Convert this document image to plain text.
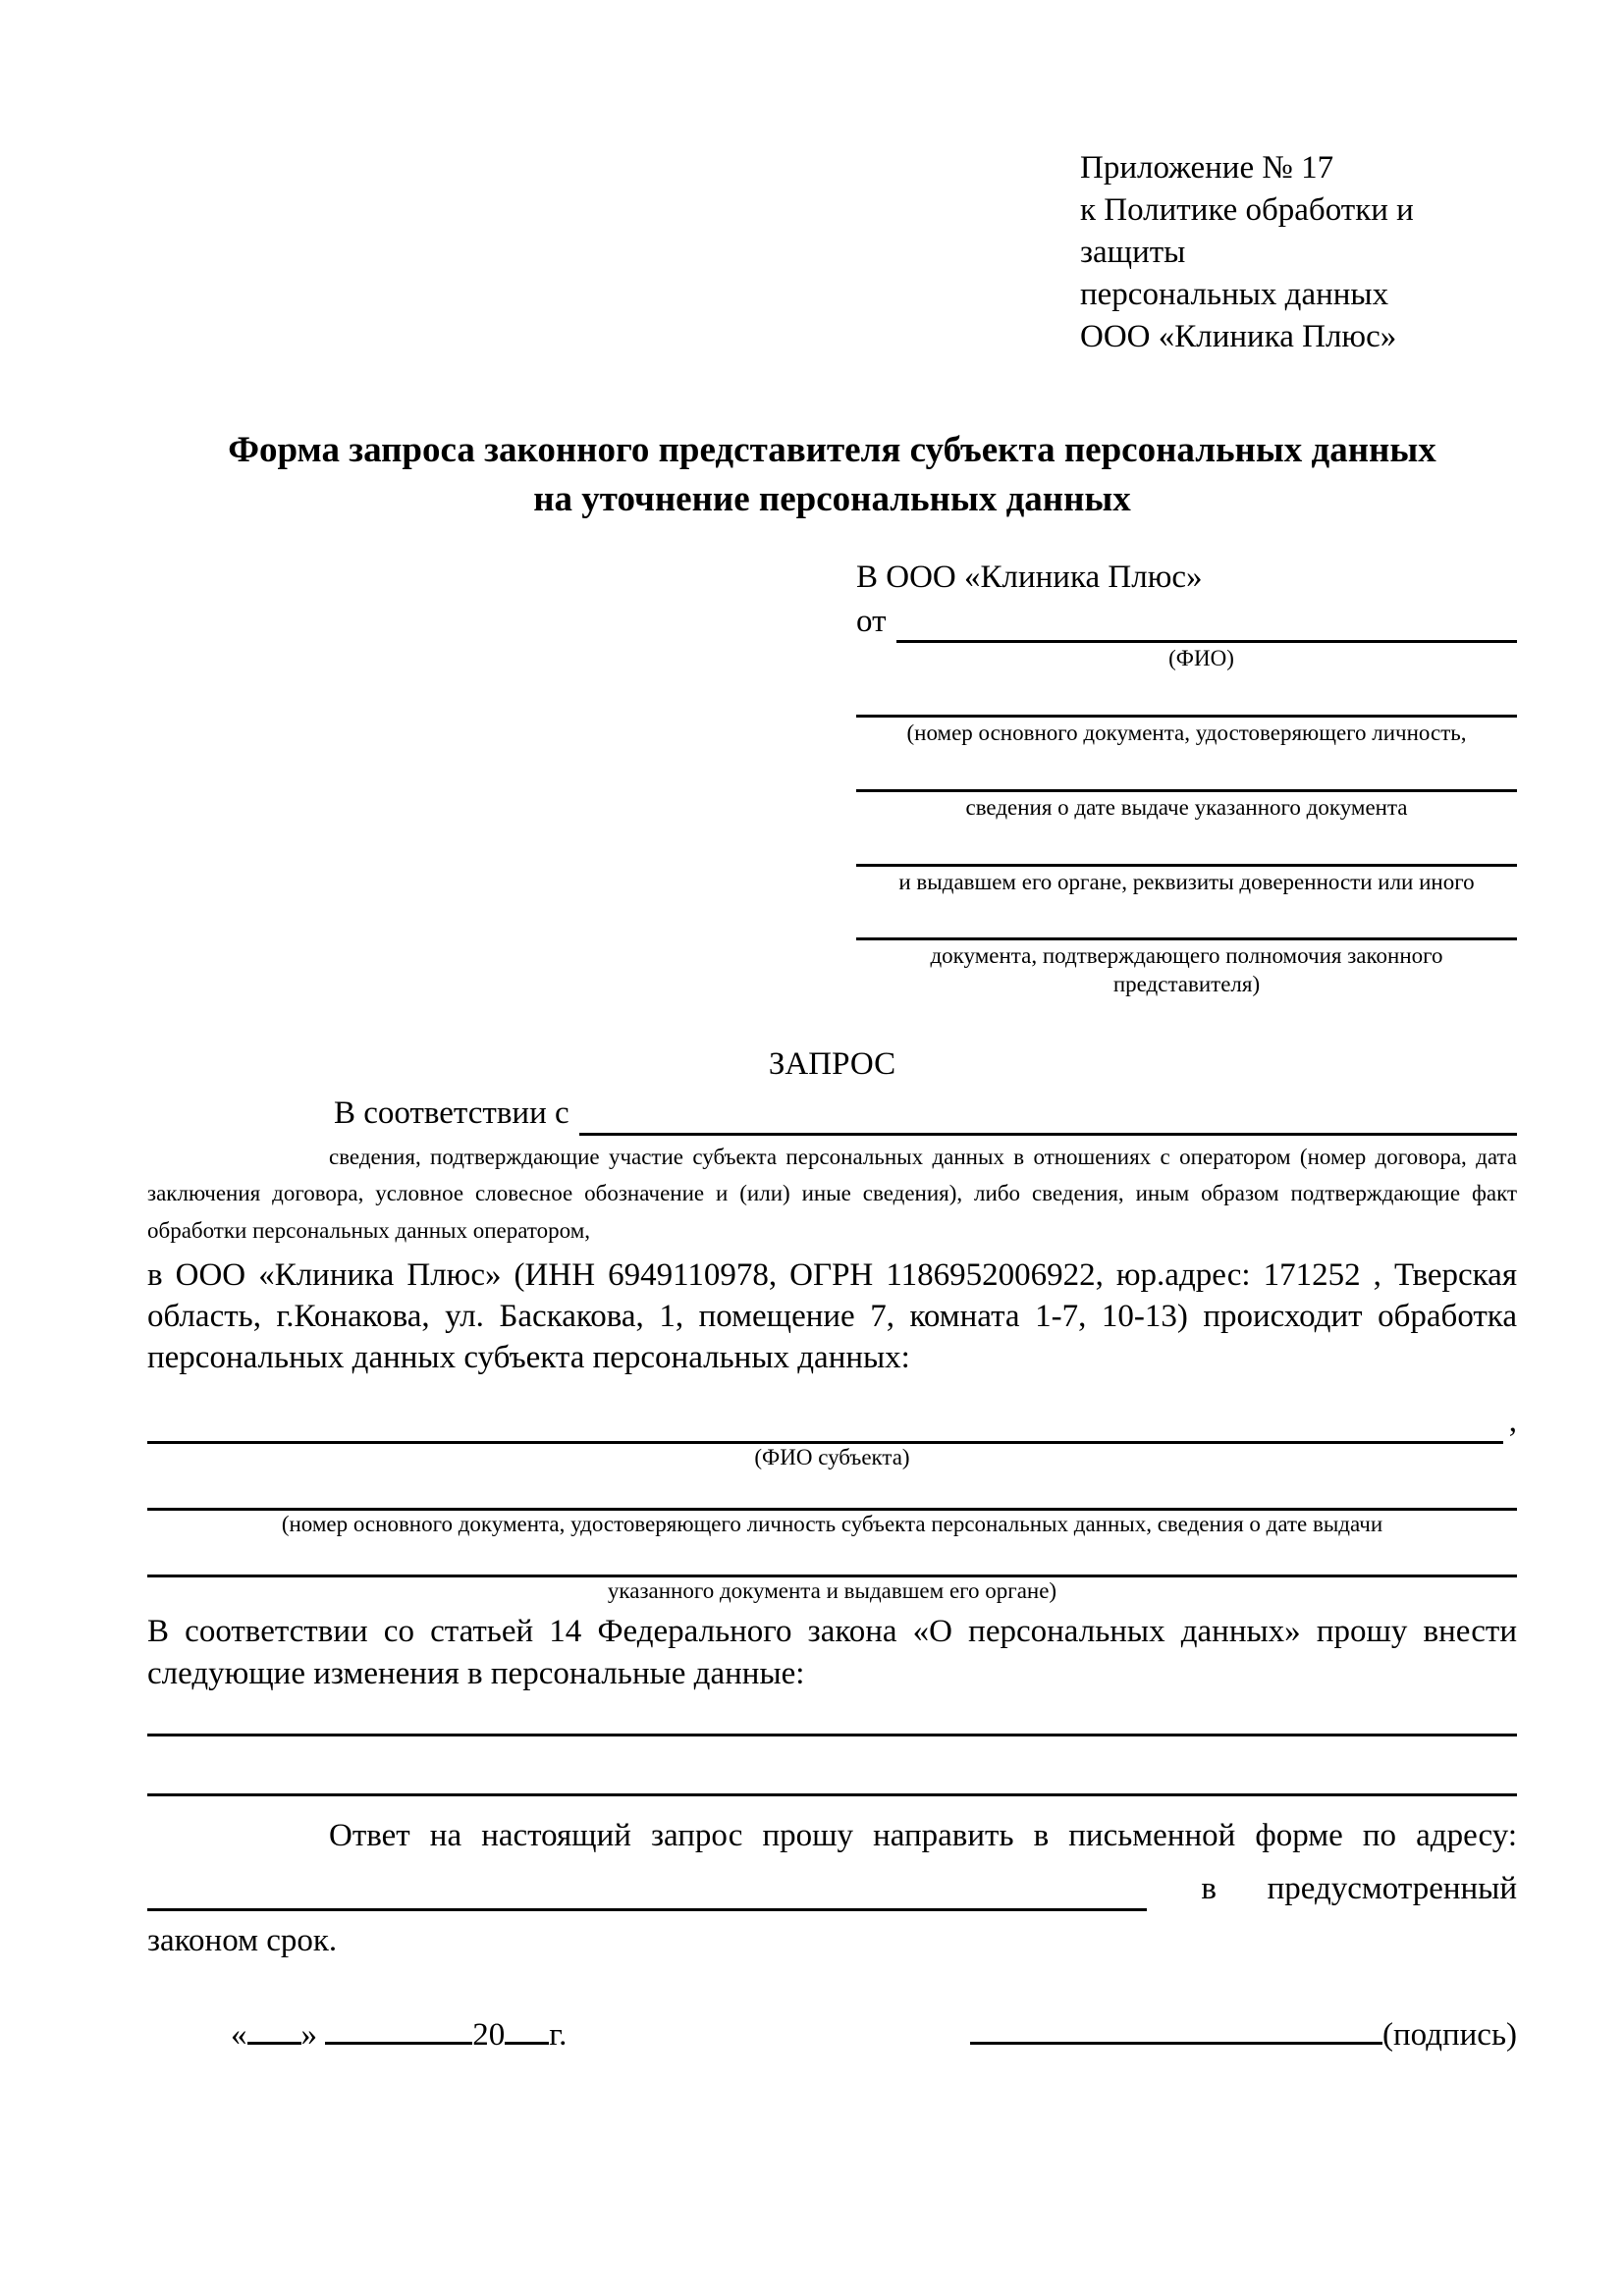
Приложение № 17
к Политике обработки и защиты
персональных данных
ООО «Клиника Плюс»
Форма запроса законного представителя субъекта персональных данных
на уточнение персональных данных
В ООО «Клиника Плюс»
от
(ФИО)
(номер основного документа, удостоверяющего личность,
сведения о дате выдаче указанного документа
и выдавшем его органе, реквизиты доверенности или иного
документа, подтверждающего полномочия законного представителя)
ЗАПРОС
В соответствии с
сведения, подтверждающие участие субъекта персональных данных в отношениях с оператором (номер договора, дата заключения договора, условное словесное обозначение и (или) иные сведения), либо сведения, иным образом подтверждающие факт обработки персональных данных оператором,

в ООО «Клиника Плюс» (ИНН 6949110978, ОГРН 1186952006922, юр.адрес: 171252 , Тверская область, г.Конакова, ул. Баскакова, 1, помещение 7, комната 1-7, 10-13) происходит обработка персональных данных субъекта персональных данных:

,
(ФИО субъекта)
(номер основного документа, удостоверяющего личность субъекта персональных данных, сведения о дате выдачи
указанного документа и выдавшем его органе)

В соответствии со статьей 14 Федерального закона «О персональных данных» прошу внести следующие изменения в персональные данные:

Ответ на настоящий запрос прошу направить в письменной форме по адресу:
в предусмотренный
законом срок.
« »	20 г.	(подпись)
